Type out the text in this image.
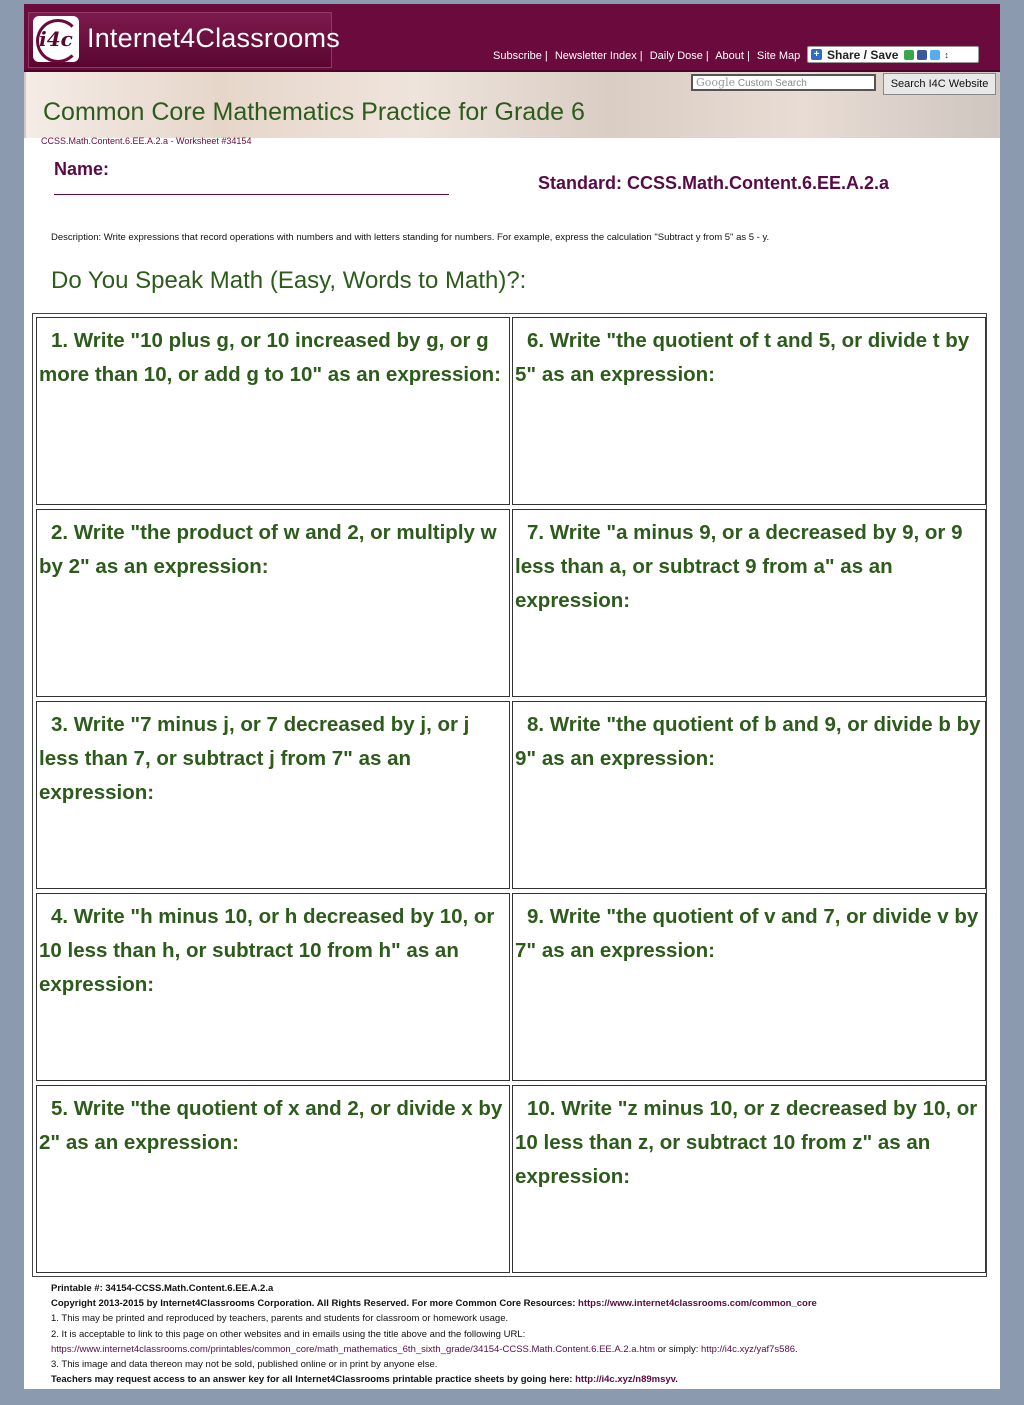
i4c Internet4Classrooms
Subscribe | Newsletter Index | Daily Dose | About | Site Map + Share / Save	↕
Google Custom Search	Search I4C Website
Common Core Mathematics Practice for Grade 6
CCSS.Math.Content.6.EE.A.2.a - Worksheet #34154
Name:
Standard: CCSS.Math.Content.6.EE.A.2.a
Description: Write expressions that record operations with numbers and with letters standing for numbers. For example, express the calculation "Subtract y from 5" as 5 - y.
Do You Speak Math (Easy, Words to Math)?:
1. Write "10 plus g, or 10 increased by g, or g more than 10, or add g to 10" as an expression:
6. Write "the quotient of t and 5, or divide t by 5" as an expression:
2. Write "the product of w and 2, or multiply w by 2" as an expression:
7. Write "a minus 9, or a decreased by 9, or 9 less than a, or subtract 9 from a" as an expression:
3. Write "7 minus j, or 7 decreased by j, or j less than 7, or subtract j from 7" as an expression:
8. Write "the quotient of b and 9, or divide b by 9" as an expression:
4. Write "h minus 10, or h decreased by 10, or 10 less than h, or subtract 10 from h" as an expression:
9. Write "the quotient of v and 7, or divide v by 7" as an expression:
5. Write "the quotient of x and 2, or divide x by 2" as an expression:
10. Write "z minus 10, or z decreased by 10, or 10 less than z, or subtract 10 from z" as an expression:
Printable #: 34154-CCSS.Math.Content.6.EE.A.2.a
Copyright 2013-2015 by Internet4Classrooms Corporation. All Rights Reserved. For more Common Core Resources: https://www.internet4classrooms.com/common_core
1. This may be printed and reproduced by teachers, parents and students for classroom or homework usage.
2. It is acceptable to link to this page on other websites and in emails using the title above and the following URL:
https://www.internet4classrooms.com/printables/common_core/math_mathematics_6th_sixth_grade/34154-CCSS.Math.Content.6.EE.A.2.a.htm or simply: http://i4c.xyz/yaf7s586.
3. This image and data thereon may not be sold, published online or in print by anyone else.
Teachers may request access to an answer key for all Internet4Classrooms printable practice sheets by going here: http://i4c.xyz/n89msyv.
